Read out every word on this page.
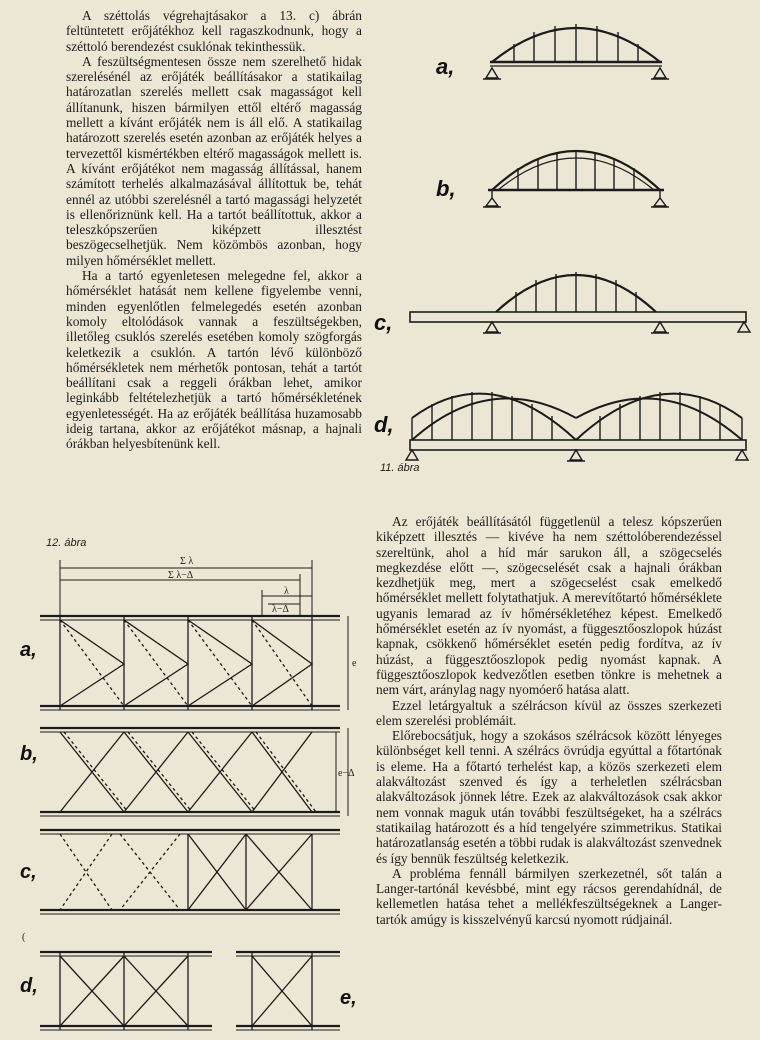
A széttolás végrehajtásakor a 13. c) ábrán feltüntetett erőjátékhoz kell ragaszkodnunk, hogy a széttoló berendezést csuklónak tekinthessük.

A feszültségmentesen össze nem szerelhető hidak szerelésénél az erőjáték beállításakor a statikailag határozatlan szerelés mellett csak magasságot kell állítanunk, hiszen bármilyen ettől eltérő magasság mellett a kívánt erőjáték nem is áll elő. A statikailag határozott szerelés esetén azonban az erőjáték helyes a tervezettől kismértékben eltérő magasságok mellett is. A kívánt erőjátékot nem magasság állítással, hanem számított terhelés alkalmazásával állítottuk be, tehát ennél az utóbbi szerelésnél a tartó magassági helyzetét is ellenőriznünk kell. Ha a tartót beállítottuk, akkor a teleszkópszerűen kiképzett illesztést beszögecselhetjük. Nem közömbös azonban, hogy milyen hőmérséklet mellett.

Ha a tartó egyenletesen melegedne fel, akkor a hőmérséklet hatását nem kellene figyelembe venni, minden egyenlőtlen felmelegedés esetén azonban komoly eltolódások vannak a feszültségekben, illetőleg csuklós szerelés esetében komoly szögforgás keletkezik a csuklón. A tartón lévő különböző hőmérsékletek nem mérhetők pontosan, tehát a tartót beállítani csak a reggeli órákban lehet, amikor leginkább feltételezhetjük a tartó hőmérsékletének egyenletességét. Ha az erőjáték beállítása huzamosabb ideig tartana, akkor az erőjátékot másnap, a hajnali órákban helyesbítenünk kell.

Az erőjáték beállításától függetlenül a telesz kópszerűen kiképzett illesztés — kivéve ha nem széttolóberendezéssel szereltünk, ahol a híd már sarukon áll, a szögecselés megkezdése előtt —, szögecselését csak a hajnali órákban kezdhetjük meg, mert a szögecselést csak emelkedő hőmérséklet mellett folytathatjuk. A merevítőtartó hőmérséklete ugyanis lemarad az ív hőmérsékletéhez képest. Emelkedő hőmérséklet esetén az ív nyomást, a függesztőoszlopok húzást kapnak, csökkenő hőmérséklet esetén pedig fordítva, az ív húzást, a függesztőoszlopok pedig nyomást kapnak. A függesztőoszlopok kedvezőtlen esetben tönkre is mehetnek a nem várt, aránylag nagy nyomóerő hatása alatt.

Ezzel letárgyaltuk a szélrácson kívül az összes szerkezeti elem szerelési problémáit.

Előrebocsátjuk, hogy a szokásos szélrácsok között lényeges különbséget kell tenni. A szélrács övrúdja egyúttal a főtartónak is eleme. Ha a főtartó terhelést kap, a közös szerkezeti elem alakváltozást szenved és így a terheletlen szélrácsban alakváltozások jönnek létre. Ezek az alakváltozások csak akkor nem vonnak maguk után további feszültségeket, ha a szélrács statikailag határozott és a híd tengelyére szimmetrikus. Statikai határozatlanság esetén a többi rudak is alakváltozást szenvednek és így bennük feszültség keletkezik.

A probléma fennáll bármilyen szerkezetnél, sőt talán a Langer-tartónál kevésbbé, mint egy rácsos gerendahídnál, de kellemetlen hatása tehet a mellékfeszültségeknek a Langer-tartók amúgy is kisszelvényű karcsú nyomott rúdjainál.

a,
b,
c,
d,
11. ábra
12. ábra
Σ λ
Σ λ−Δ
λ
λ−Δ
e
e−Δ
(
a,
b,
c,
d,
e,
